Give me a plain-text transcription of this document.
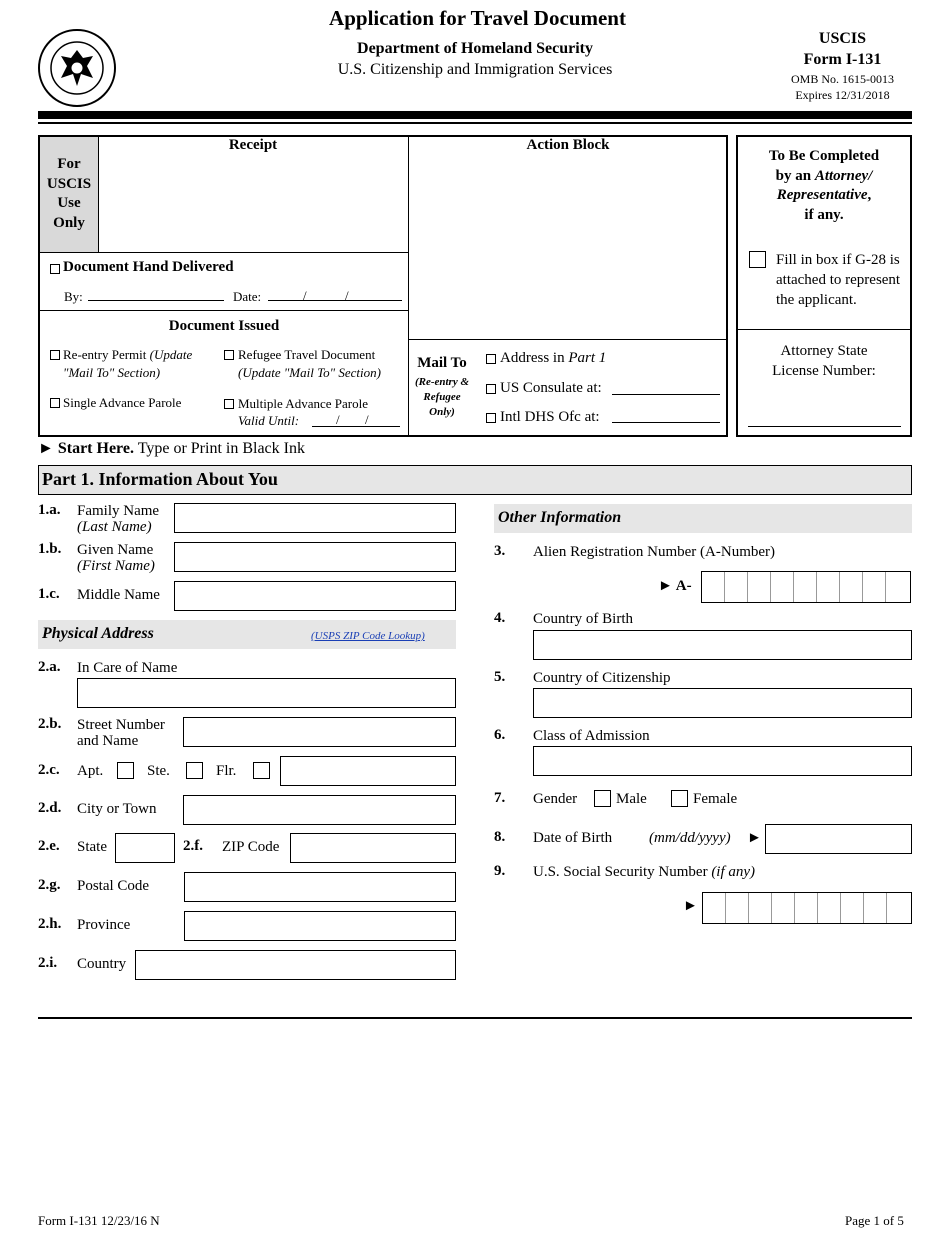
Application for Travel Document
Department of Homeland Security
U.S. Citizenship and Immigration Services
USCIS
Form I-131
OMB No. 1615-0013
Expires 12/31/2018
For
USCIS
Use
Only
Receipt
Document Hand Delivered
By:	Date:	/	/
Document Issued
Re-entry Permit (Update
"Mail To" Section)
Refugee Travel Document
(Update "Mail To" Section)
Single Advance Parole	Multiple Advance Parole
Valid Until:	/ /
Action Block
Mail To
(Re-entry &
Refugee
Only)
Address in Part 1
US Consulate at:
Intl DHS Ofc at:
To Be Completed
by an Attorney/
Representative,
if any.
Fill in box if G-28 is
attached to represent
the applicant.
Attorney State
License Number:
► Start Here. Type or Print in Black Ink
Part 1. Information About You
1.a. Family Name
(Last Name)
1.b. Given Name
(First Name)
1.c. Middle Name
Physical Address	(USPS ZIP Code Lookup)
2.a. In Care of Name
2.b. Street Number
and Name
2.c. Apt.	Ste.	Flr.
2.d. City or Town
2.e. State	2.f. ZIP Code
2.g. Postal Code
2.h. Province
2.i. Country
Other Information
3. Alien Registration Number (A-Number)
► A-
4. Country of Birth
5. Country of Citizenship
6. Class of Admission
7. Gender	Male	Female
8. Date of Birth (mm/dd/yyyy) ►
9. U.S. Social Security Number (if any)
►
Form I-131 12/23/16 N	Page 1 of 5
